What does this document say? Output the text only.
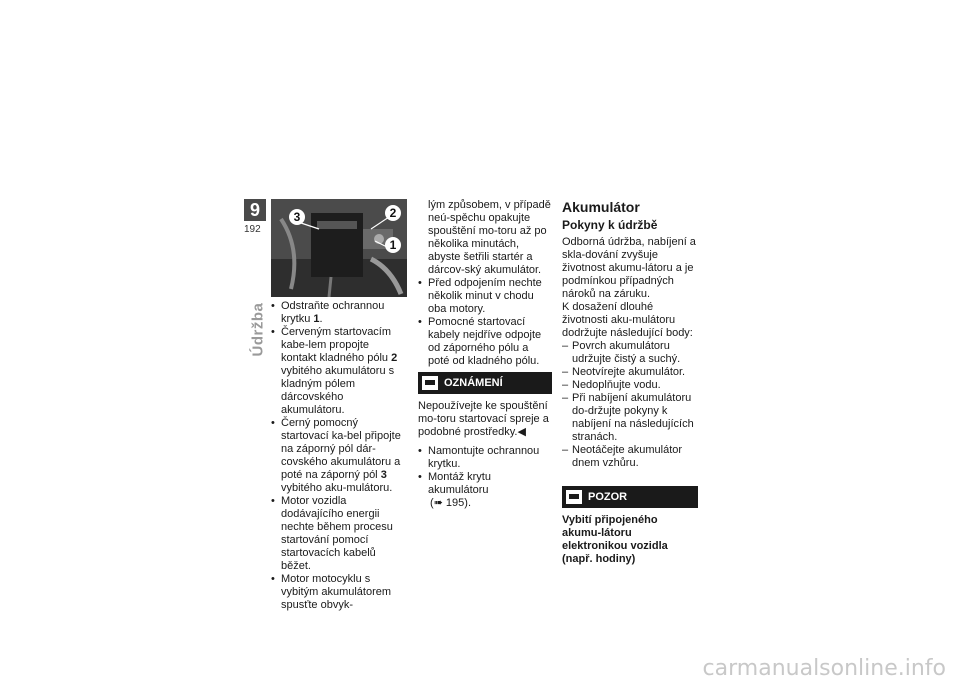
9
192
Údržba
3	2
1
• Odstraňte ochrannou krytku 1.
• Červeným startovacím kabe-lem propojte kontakt kladného pólu 2 vybitého akumulátoru s kladným pólem dárcovského akumulátoru.
• Černý pomocný startovací ka-bel připojte na záporný pól dár-covského akumulátoru a poté na záporný pól 3 vybitého aku-mulátoru.
• Motor vozidla dodávajícího energii nechte během procesu startování pomocí startovacích kabelů běžet.
• Motor motocyklu s vybitým akumulátorem spusťte obvyk-

lým způsobem, v případě neú-spěchu opakujte spouštění mo-toru až po několika minutách, abyste šetřili startér a dárcov-ský akumulátor.

• Před odpojením nechte několik minut v chodu oba motory.
• Pomocné startovací kabely nejdříve odpojte od záporného pólu a poté od kladného pólu.
OZNÁMENÍ

Nepoužívejte ke spouštění mo-toru startovací spreje a podobné prostředky.◀

• Namontujte ochrannou krytku.
• Montáž krytu akumulátoru
(➠ 195).
Akumulátor
Pokyny k údržbě

Odborná údržba, nabíjení a skla-dování zvyšuje životnost akumu-látoru a je podmínkou případných nároků na záruku.

K dosažení dlouhé životnosti aku-mulátoru dodržujte následující body:

– Povrch akumulátoru udržujte čistý a suchý.
– Neotvírejte akumulátor.
– Nedoplňujte vodu.
– Při nabíjení akumulátoru do-držujte pokyny k nabíjení na následujících stranách.
– Neotáčejte akumulátor dnem vzhůru.
POZOR

Vybití připojeného akumu-látoru elektronikou vozidla (např. hodiny)

carmanualsonline.info
